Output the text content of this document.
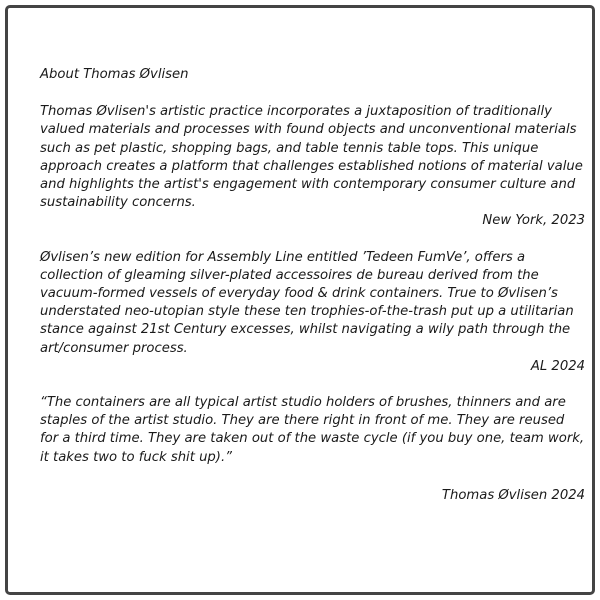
About Thomas Øvlisen

Thomas Øvlisen's artistic practice incorporates a juxtaposition of traditionally valued materials and processes with found objects and unconventional materials such as pet plastic, shopping bags, and table tennis table tops. This unique approach creates a platform that challenges established notions of material value and highlights the artist's engagement with contemporary consumer culture and sustainability concerns.

New York, 2023

Øvlisen’s new edition for Assembly Line entitled ’Tedeen FumVe’, offers a collection of gleaming silver-plated accessoires de bureau derived from the vacuum-formed vessels of everyday food & drink containers. True to Øvlisen’s understated neo-utopian style these ten trophies-of-the-trash put up a utilitarian stance against 21st Century excesses, whilst navigating a wily path through the art/consumer process.

AL 2024

“The containers are all typical artist studio holders of brushes, thinners and are staples of the artist studio. They are there right in front of me. They are reused for a third time. They are taken out of the waste cycle (if you buy one, team work, it takes two to fuck shit up).”

Thomas Øvlisen 2024
